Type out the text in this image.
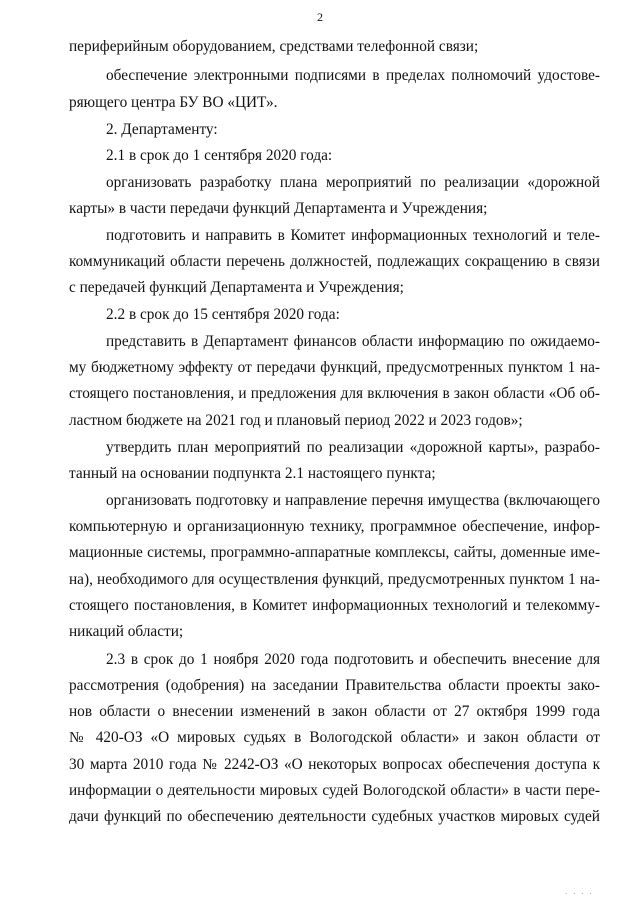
2
периферийным оборудованием, средствами телефонной связи;
обеспечение электронными подписями в пределах полномочий удостове-
ряющего центра БУ ВО «ЦИТ».
2. Департаменту:
2.1 в срок до 1 сентября 2020 года:
организовать разработку плана мероприятий по реализации «дорожной
карты» в части передачи функций Департамента и Учреждения;
подготовить и направить в Комитет информационных технологий и теле-
коммуникаций области перечень должностей, подлежащих сокращению в связи
с передачей функций Департамента и Учреждения;
2.2 в срок до 15 сентября 2020 года:
представить в Департамент финансов области информацию по ожидаемо-
му бюджетному эффекту от передачи функций, предусмотренных пунктом 1 на-
стоящего постановления, и предложения для включения в закон области «Об об-
ластном бюджете на 2021 год и плановый период 2022 и 2023 годов»;
утвердить план мероприятий по реализации «дорожной карты», разрабо-
танный на основании подпункта 2.1 настоящего пункта;
организовать подготовку и направление перечня имущества (включающего
компьютерную и организационную технику, программное обеспечение, инфор-
мационные системы, программно-аппаратные комплексы, сайты, доменные име-
на), необходимого для осуществления функций, предусмотренных пунктом 1 на-
стоящего постановления, в Комитет информационных технологий и телекомму-
никаций области;
2.3 в срок до 1 ноября 2020 года подготовить и обеспечить внесение для
рассмотрения (одобрения) на заседании Правительства области проекты зако-
нов области о внесении изменений в закон области от 27 октября 1999 года
№ 420-ОЗ «О мировых судьях в Вологодской области» и закон области от
30 марта 2010 года № 2242-ОЗ «О некоторых вопросах обеспечения доступа к
информации о деятельности мировых судей Вологодской области» в части пере-
дачи функций по обеспечению деятельности судебных участков мировых судей
· · · ·
